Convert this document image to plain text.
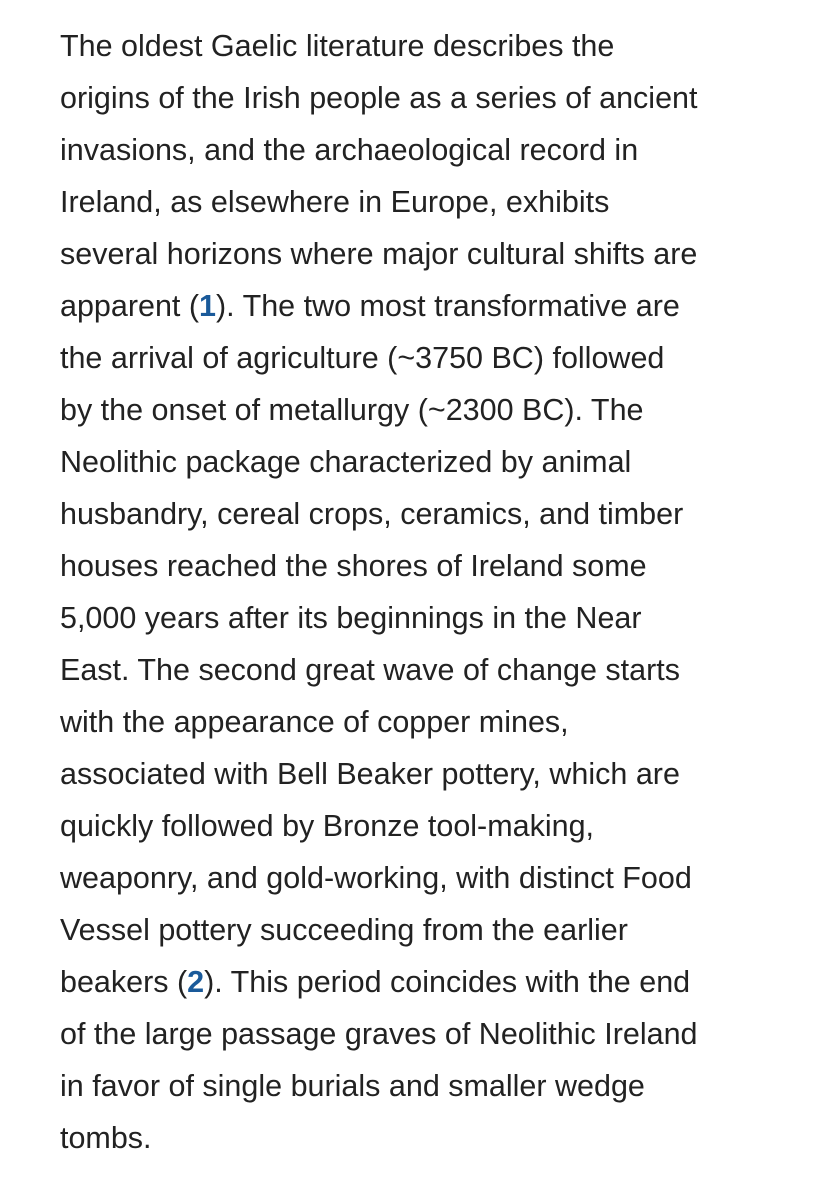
The oldest Gaelic literature describes the
origins of the Irish people as a series of ancient
invasions, and the archaeological record in
Ireland, as elsewhere in Europe, exhibits
several horizons where major cultural shifts are
apparent (1). The two most transformative are
the arrival of agriculture (~3750 BC) followed
by the onset of metallurgy (~2300 BC). The
Neolithic package characterized by animal
husbandry, cereal crops, ceramics, and timber
houses reached the shores of Ireland some
5,000 years after its beginnings in the Near
East. The second great wave of change starts
with the appearance of copper mines,
associated with Bell Beaker pottery, which are
quickly followed by Bronze tool-making,
weaponry, and gold-working, with distinct Food
Vessel pottery succeeding from the earlier
beakers (2). This period coincides with the end
of the large passage graves of Neolithic Ireland
in favor of single burials and smaller wedge
tombs.
